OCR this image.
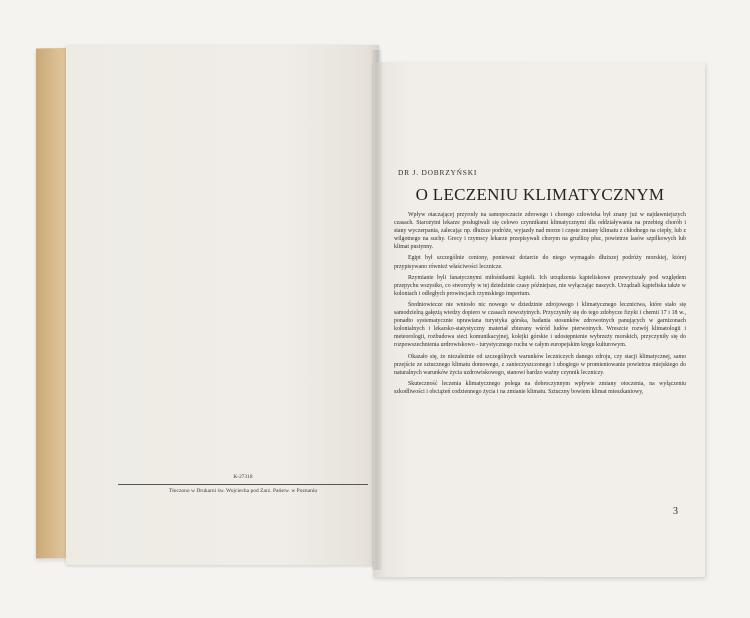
K-27318
Tłoczono w Drukarni św. Wojciecha pod Zarz. Państw. w Poznaniu
DR J. DOBRZYŃSKI
O LECZENIU KLIMATYCZNYM

Wpływ otaczającej przyrody na samopoczucie zdrowego i chorego człowieka był znany już w najdawniejszych czasach. Starożytni lekarze posługiwali się celowo czynnikami klimatycznymi dla oddziaływania na przebieg chorób i stany wyczerpania, zalecając np. dłuższe podróże, wyjazdy nad morze i częste zmiany klimatu z chłodnego na ciepły, lub z wilgotnego na suchy. Grecy i rzymscy lekarze przepisywali chorym na gruźlicę płuc, powietrze lasów szpilkowych lub klimat pustynny.

Egipt był szczególnie ceniony, ponieważ dotarcie do niego wymagało dłuższej podróży morskiej, której przypisywano również właściwości lecznicze.

Rzymianie byli fanatycznymi miłośnikami kąpieli. Ich urządzenia kąpieliskowe przewyższały pod względem przepychu wszystko, co stworzyły w tej dziedzinie czasy późniejsze, nie wyłączając naszych. Urządzali kąpieliska także w koloniach i odległych prowincjach rzymskiego imperium.

Średniowiecze nie wniosło nic nowego w dziedzinie zdrojowego i klimatycznego lecznictwa, które stało się samodzielną gałęzią wiedzy dopiero w czasach nowożytnych. Przyczyniły się do tego zdobycze fizyki i chemii 17 i 18 w., ponadto systematycznie uprawiana turystyka górska, badania stosunków zdrowotnych panujących w garnizonach kolonialnych i lekarsko-statystyczny materiał zbierany wśród ludów pierwotnych. Wreszcie rozwój klimatologii i meteorologii, rozbudowa sieci komunikacyjnej, kolejki górskie i udostępnienie wybrzeży morskich, przyczyniły się do rozpowszechnienia urdrowiskowo - turystycznego ruchu w całym europejskim kręgu kulturowym.

Okazało się, że niezależnie od szczególnych warunków leczniczych danego zdroju, czy stacji klimatycznej, samo przejście ze sztucznego klimatu domowego, z zanieczyszczonego i ubogiego w promieniowanie powietrza miejskiego do naturalnych warunków życia uzdrowiskowego, stanowi bardzo ważny czynnik leczniczy.

Skuteczność leczenia klimatycznego polega na dobroczynnym wpływie zmiany otoczenia, na wyłączeniu szkodliwości i obciążeń codziennego życia i na zmianie klimatu. Sztuczny bowiem klimat mieszkaniowy,

3
